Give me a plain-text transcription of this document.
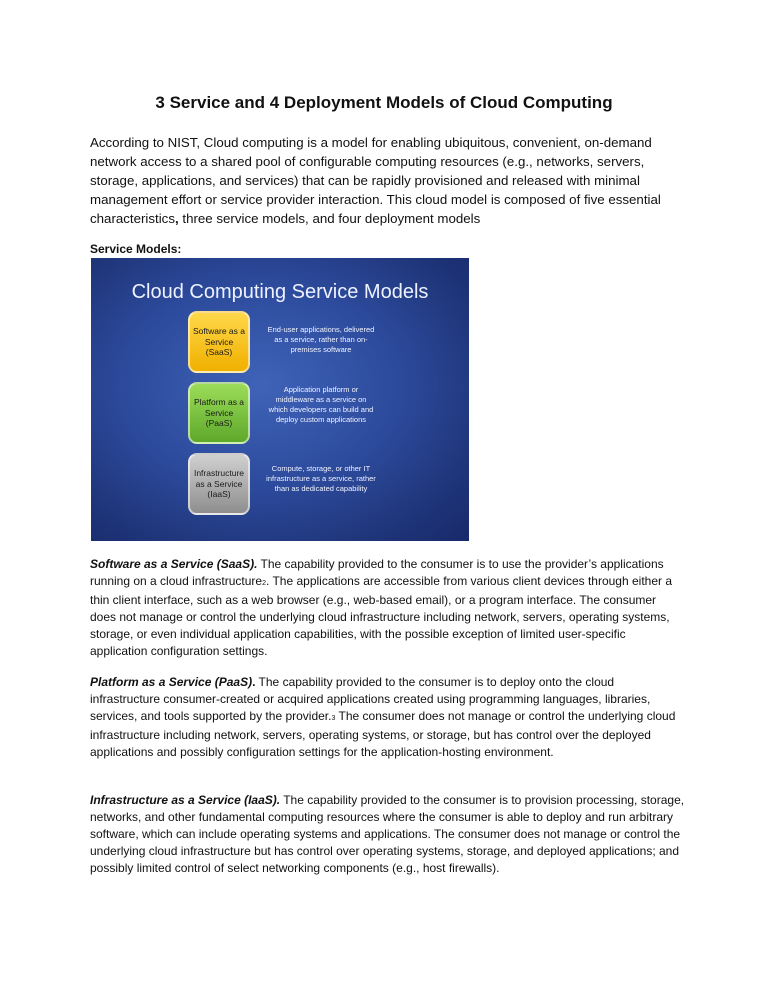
3 Service and 4 Deployment Models of Cloud Computing
According to NIST, Cloud computing is a model for enabling ubiquitous, convenient, on-demand network access to a shared pool of configurable computing resources (e.g., networks, servers, storage, applications, and services) that can be rapidly provisioned and released with minimal management effort or service provider interaction. This cloud model is composed of five essential characteristics, three service models, and four deployment models
Service Models:
Cloud Computing Service Models
Software as a Service (SaaS)
End-user applications, delivered as a service, rather than on-premises software
Platform as a Service (PaaS)
Application platform or middleware as a service on which developers can build and deploy custom applications
Infrastructure as a Service (IaaS)
Compute, storage, or other IT infrastructure as a service, rather than as dedicated capability
Software as a Service (SaaS). The capability provided to the consumer is to use the provider’s applications running on a cloud infrastructure2. The applications are accessible from various client devices through either a thin client interface, such as a web browser (e.g., web-based email), or a program interface. The consumer does not manage or control the underlying cloud infrastructure including network, servers, operating systems, storage, or even individual application capabilities, with the possible exception of limited user-specific application configuration settings.
Platform as a Service (PaaS). The capability provided to the consumer is to deploy onto the cloud infrastructure consumer-created or acquired applications created using programming languages, libraries, services, and tools supported by the provider.3 The consumer does not manage or control the underlying cloud infrastructure including network, servers, operating systems, or storage, but has control over the deployed applications and possibly configuration settings for the application-hosting environment.
Infrastructure as a Service (IaaS). The capability provided to the consumer is to provision processing, storage, networks, and other fundamental computing resources where the consumer is able to deploy and run arbitrary software, which can include operating systems and applications. The consumer does not manage or control the underlying cloud infrastructure but has control over operating systems, storage, and deployed applications; and possibly limited control of select networking components (e.g., host firewalls).
